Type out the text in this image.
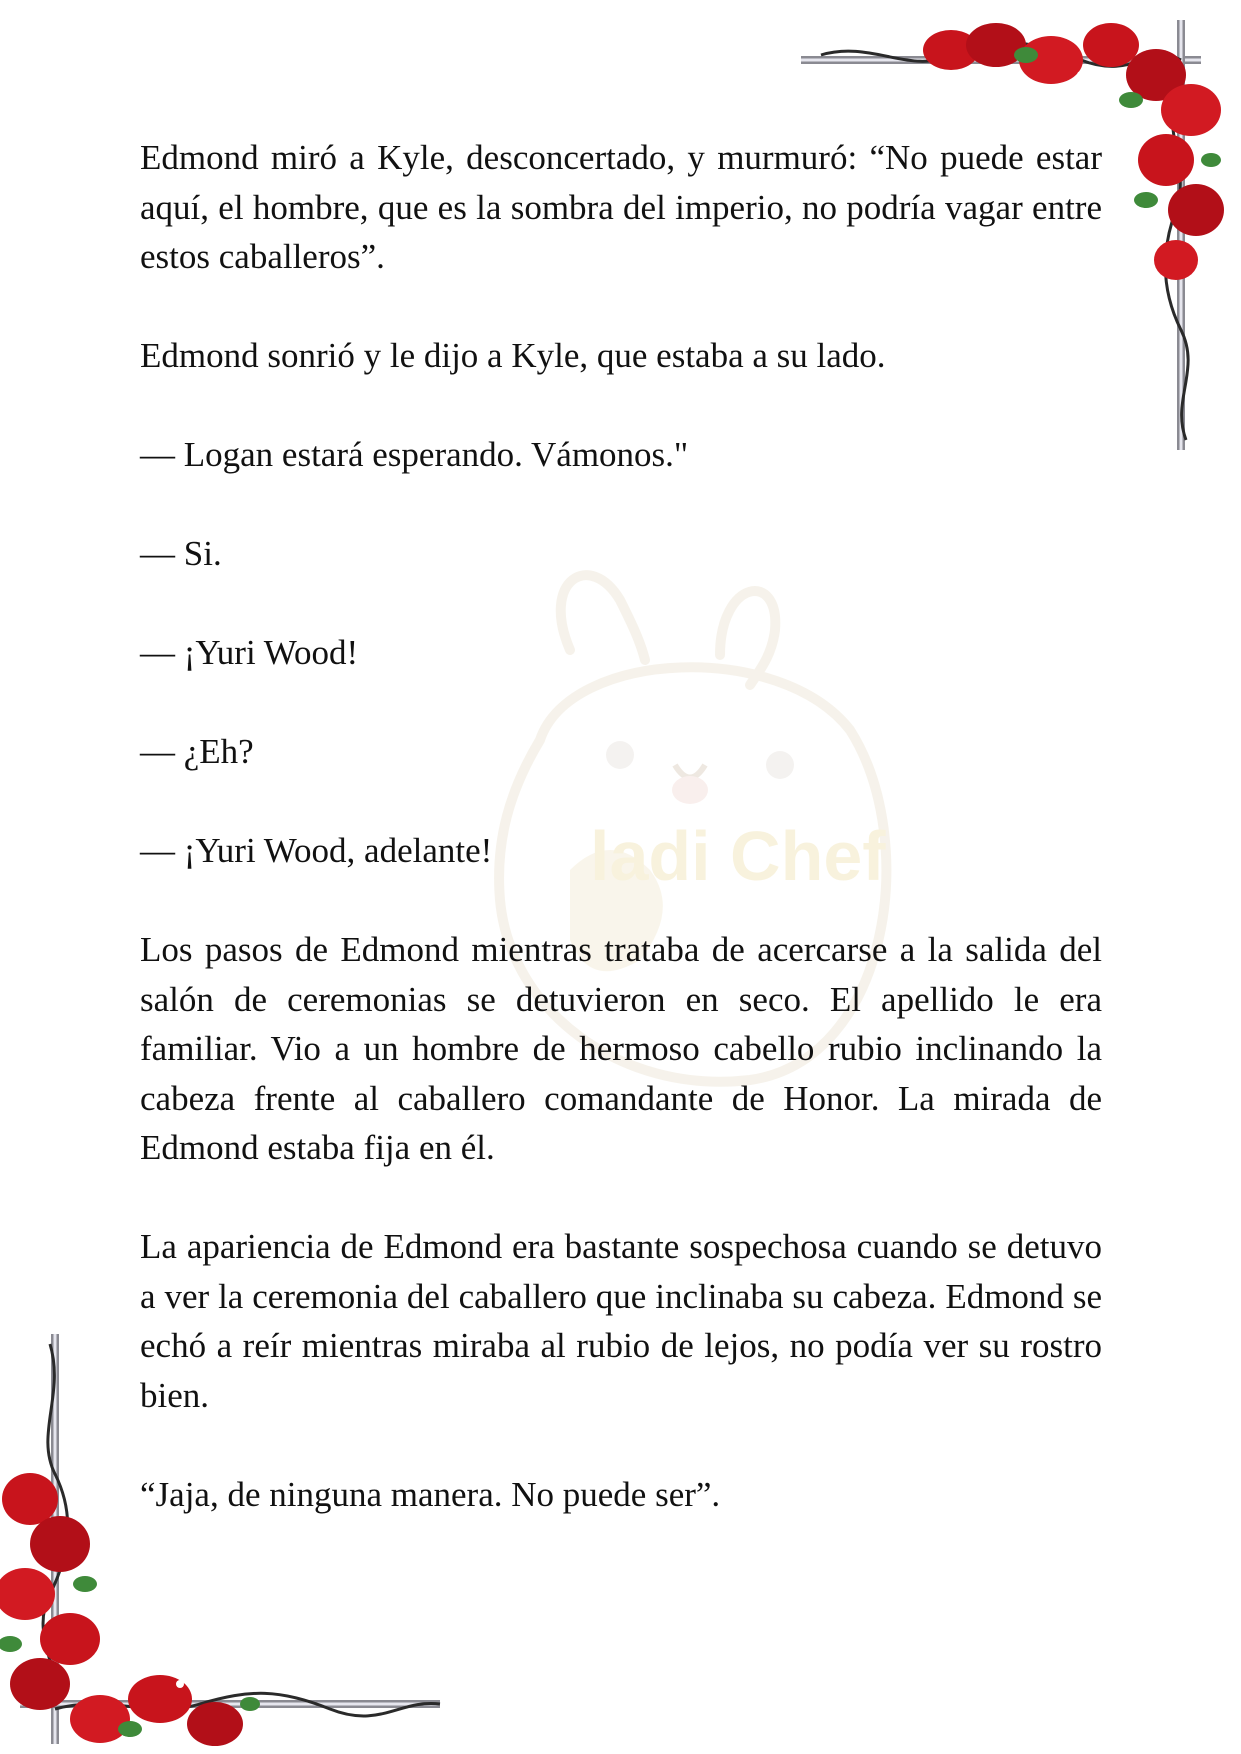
ladi Chef

Edmond miró a Kyle, desconcertado, y murmuró: “No puede estar aquí, el hombre, que es la sombra del imperio, no podría vagar entre estos caballeros”.

Edmond sonrió y le dijo a Kyle, que estaba a su lado.

— Logan estará esperando. Vámonos."

— Si.

— ¡Yuri Wood!

— ¿Eh?

— ¡Yuri Wood, adelante!

Los pasos de Edmond mientras trataba de acercarse a la salida del salón de ceremonias se detuvieron en seco. El apellido le era familiar. Vio a un hombre de hermoso cabello rubio inclinando la cabeza frente al caballero comandante de Honor. La mirada de Edmond estaba fija en él.

La apariencia de Edmond era bastante sospechosa cuando se detuvo a ver la ceremonia del caballero que inclinaba su cabeza. Edmond se echó a reír mientras miraba al rubio de lejos, no podía ver su rostro bien.

“Jaja, de ninguna manera. No puede ser”.
